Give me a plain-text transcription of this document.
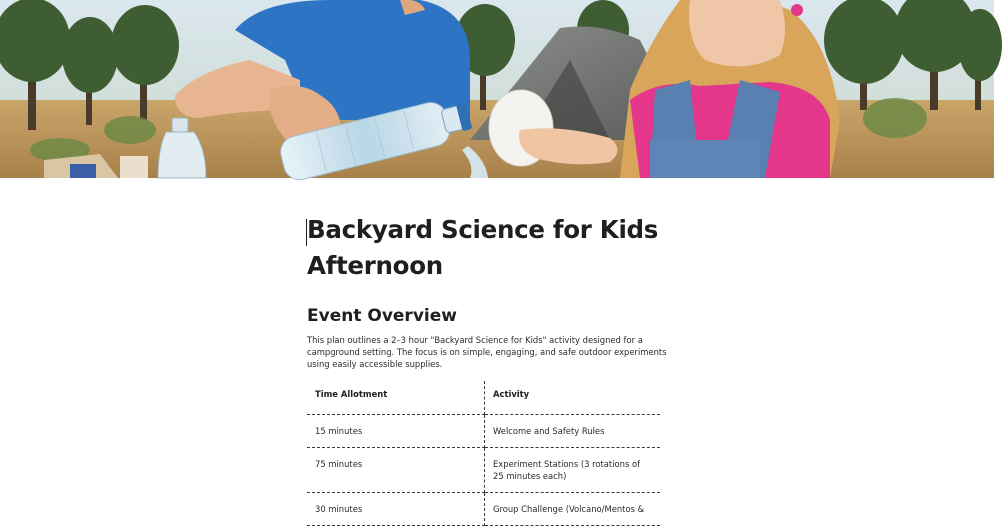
Backyard Science for Kids
Afternoon
Event Overview

This plan outlines a 2–3 hour "Backyard Science for Kids" activity designed for a campground setting. The focus is on simple, engaging, and safe outdoor experiments using easily accessible supplies.

Time Allotment	Activity
15 minutes	Welcome and Safety Rules
75 minutes	Experiment Stations (3 rotations of 25 minutes each)
30 minutes	Group Challenge (Volcano/Mentos &
